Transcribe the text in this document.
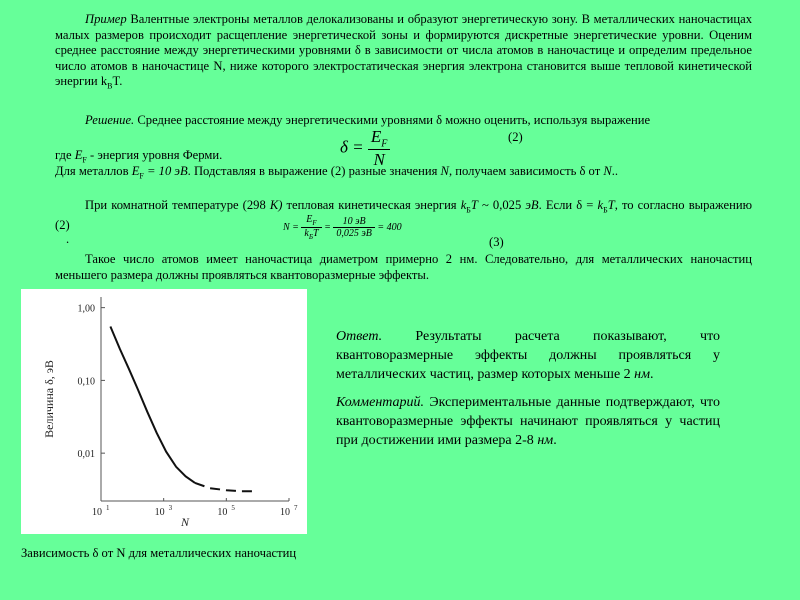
Пример Валентные электроны металлов делокализованы и образуют энергетическую зону. В металлических наночастицах малых размеров происходит расщепление энергетической зоны и формируются дискретные энергетические уровни. Оценим среднее расстояние между энергетическими уровнями δ в зависимости от числа атомов в наночастице и определим предельное число атомов в наночастице N, ниже которого электростатическая энергия электрона становится выше тепловой кинетической энергии $k_BT$.

Решение. Среднее расстояние между энергетическими уровнями δ можно оценить, используя выражение
(2)
$\delta = \frac{E_F}{N}$
где $E_F$ - энергия уровня Ферми.
Для металлов $E_F = 10$ эВ. Подставляя в выражение (2) разные значения N, получаем зависимость δ от N..

При комнатной температуре (298 К) тепловая кинетическая энергия $k_БT$ ~ 0,025 эВ. Если $\delta = k_БT$, то согласно выражению (2)

.
$N = \frac{E_F}{k_БT} = \frac{10 эВ}{0,025 эВ} = 400$
(3)

Такое число атомов имеет наночастица диаметром примерно 2 нм. Следовательно, для металлических наночастиц меньшего размера должны проявляться квантоворазмерные эффекты.

1,00
0,10
0,01
10 1	10 3	10 5	10 7
N
Величина δ, эВ

Ответ. Результаты расчета показывают, что квантоворазмерные эффекты должны проявляться у металлических частиц, размер которых меньше 2 нм.

Комментарий. Экспериментальные данные подтверждают, что квантоворазмерные эффекты начинают проявляться у частиц при достижении ими размера 2-8 нм.

Зависимость δ от N для металлических наночастиц
